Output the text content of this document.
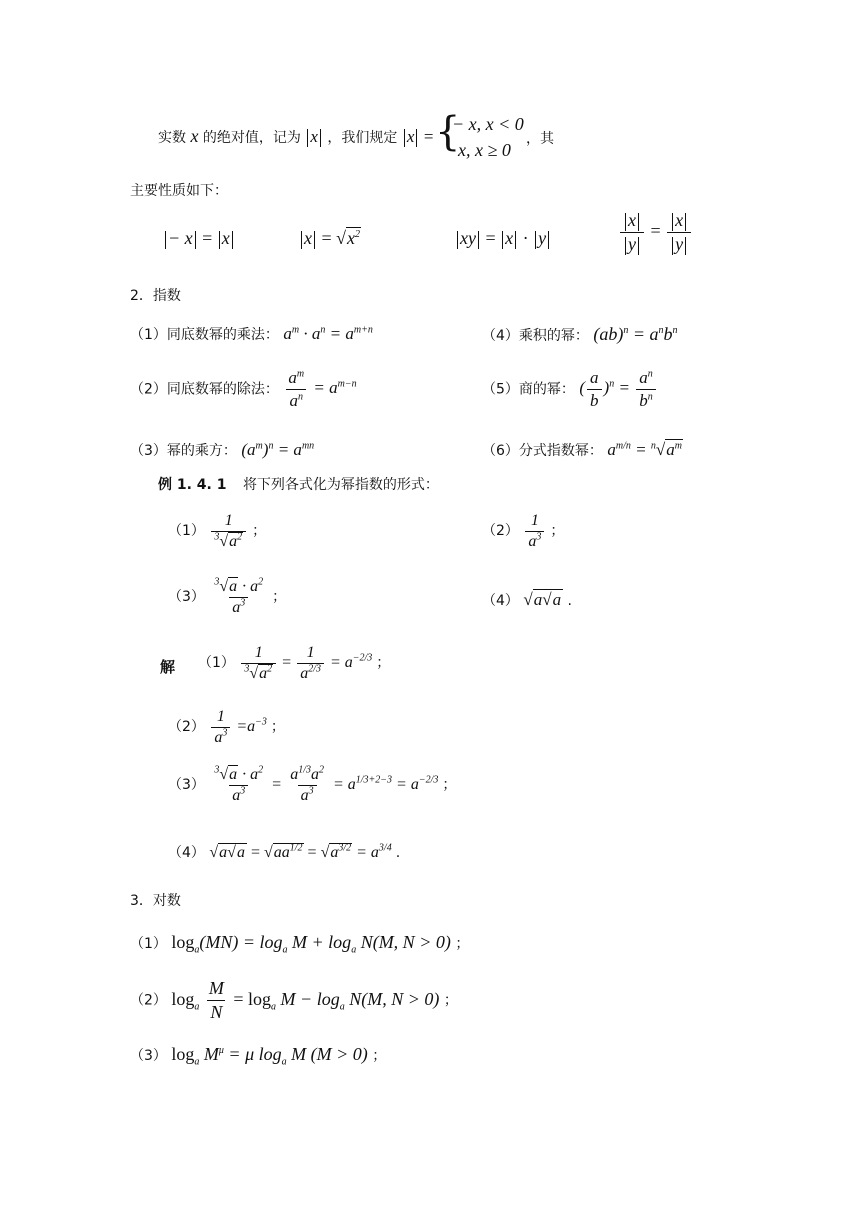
实数 x 的绝对值，记为 x ，我们规定 x = {
− x, x < 0
x, x ≥ 0
，其
主要性质如下：
− x = x	$x = √x^2$	xy = x · y	$\frac{x}{y} = \frac{x}{y}$
2．指数
（1）同底数幂的乘法： $a^m \cdot a^n = a^{m+n}$	（4）乘积的幂： $(ab)^n = a^nb^n$
（2）同底数幂的除法： $\frac{a^m}{a^n} = a^{m-n}$	（5）商的幂： ( $\frac{a}{b} )^n = \frac{a^n}{b^n}$
（3）幂的乘方： $(a^m)^n = a^{mn}$	（6）分式指数幂： $a^{m/n} = ^n√a^m$
例 1. 4. 1 将下列各式化为幂指数的形式：
$(1) \frac{1}{^3√a^2}$ ；	$(2) \frac{1}{a^3}$ ；
$(3) \frac{^3√a \cdot a^2}{a^3}$ ；	（4） √a√a .
解 $(1) \frac{1}{^3√a^2} = \frac{1}{a^{2/3}} = a^{-2/3}$ ；
$(2) \frac{1}{a^3} =a^{-3}$ ；
$(3) \frac{^3√a \cdot a^2}{a^3} = \frac{a^{1/3}a^2}{a^3} = a^{1/3+2-3} = a^{-2/3}$ ；
（4） $√a√a = √aa^{1/2} = √a^{3/2} = a^{3/4}$ .
3．对数
（1） $\log_a(MN) = \log_a M + \log_a N(M$, N > 0) ；
（2） $\log_a \frac{M}{N} = \log_a M - \log_a N(M$, N > 0) ；
（3） $\log_a M^\mu = \mu$ $\log_a M$ (M > 0) ；
